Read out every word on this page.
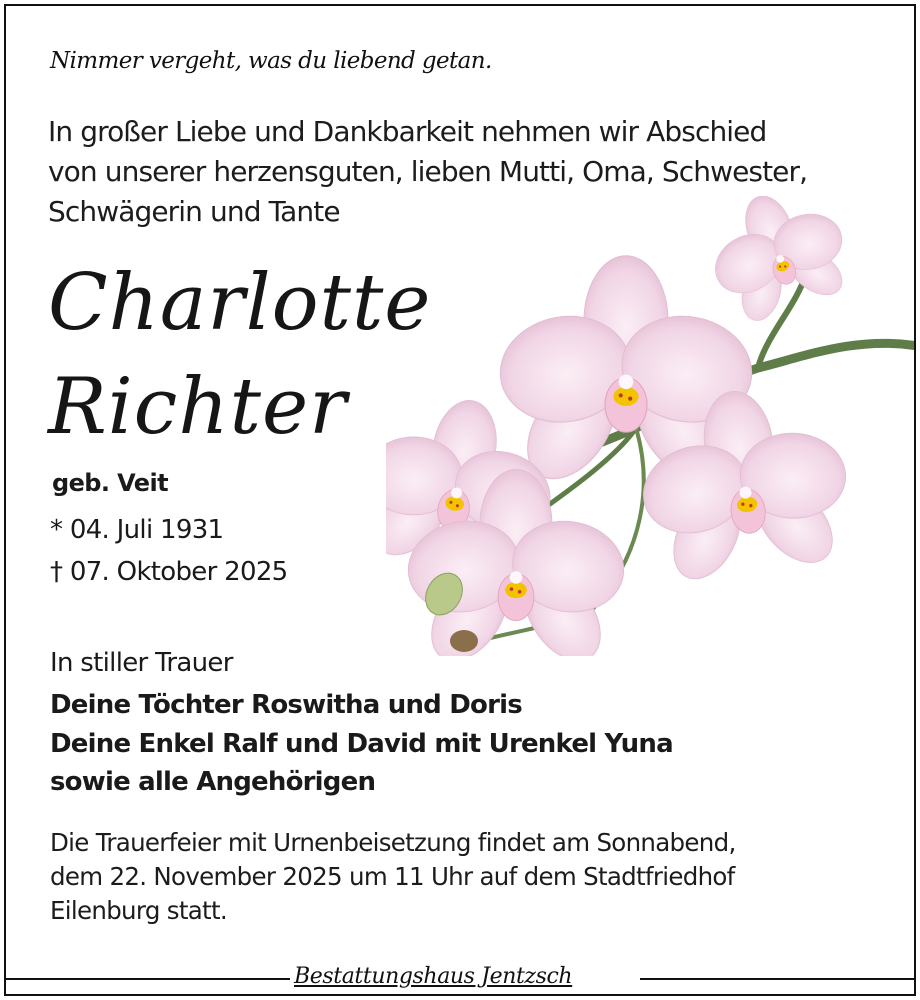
Nimmer vergeht, was du liebend getan.
In großer Liebe und Dankbarkeit nehmen wir Abschied
von unserer herzensguten, lieben Mutti, Oma, Schwester,
Schwägerin und Tante
Charlotte
Richter
geb. Veit
* 04. Juli 1931
† 07. Oktober 2025
In stiller Trauer
Deine Töchter Roswitha und Doris
Deine Enkel Ralf und David mit Urenkel Yuna
sowie alle Angehörigen
Die Trauerfeier mit Urnenbeisetzung findet am Sonnabend,
dem 22. November 2025 um 11 Uhr auf dem Stadtfriedhof
Eilenburg statt.
Bestattungshaus Jentzsch
